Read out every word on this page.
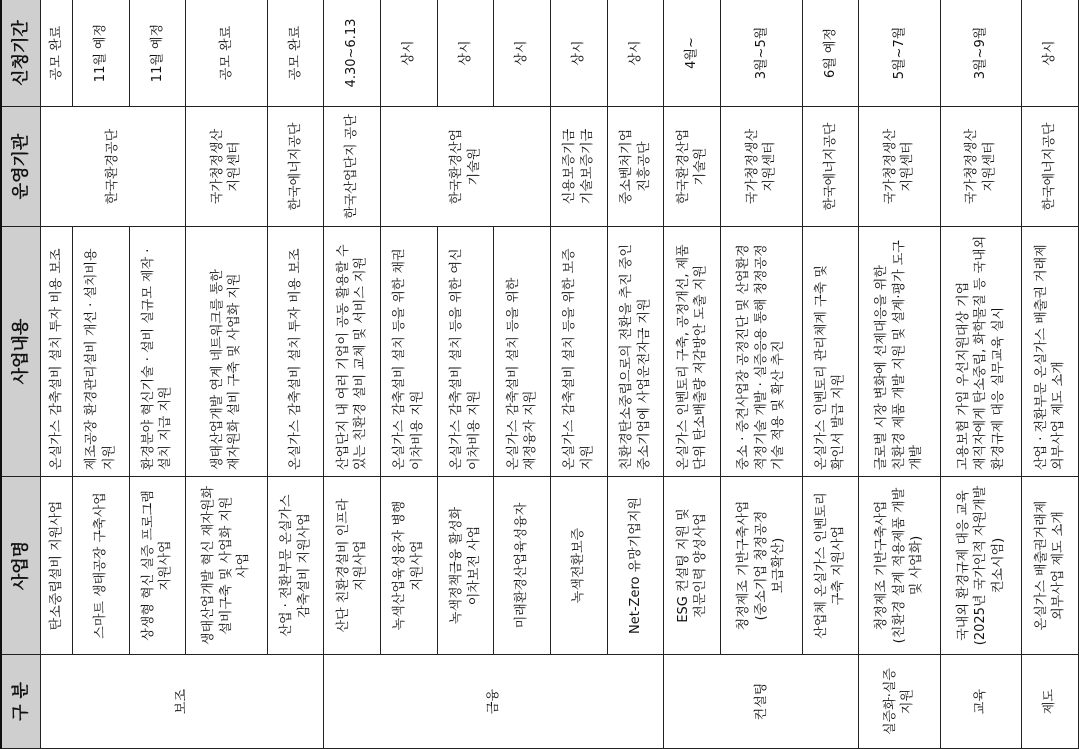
구 분	사업명	사업내용	운영기관	신청기간
보조	탄소중립설비 지원사업	온실가스 감축설비 설치 투자 비용 보조	한국환경공단	공모 완료
	스마트 생태공장 구축사업	제조공장 환경관리설비 개선 · 설치비용 지원		11월 예정
	상생형 혁신 실증 프로그램 지원사업	환경분야 혁신기술 · 설비 실규모 제작 · 설치 지급 지원		11월 예정
	생태산업개발 혁신 재자원화 설비구축 및 사업화 지원 사업	생태산업개발 연계 네트워크를 통한 재자원화 설비 구축 및 사업화 지원	국가청정생산 지원센터	공모 완료
	산업 · 전환부문 온실가스 감축설비 지원사업	온실가스 감축설비 설치 투자 비용 보조	한국에너지공단	공모 완료
금융	산단 친환경설비 인프라 지원사업	산업단지 내 여러 기업이 공동 활용할 수 있는 친환경 설비 교체 및 서비스 지원	한국산업단지 공단	4.30~6.13
	녹색산업육성융자 병행 지원사업	온실가스 감축설비 설치 등을 위한 채권 이차비용 지원	한국환경산업 기술원	상시
	녹색정책금융 활성화 이차보전 사업	온실가스 감축설비 설치 등을 위한 여신 이차비용 지원		상시
	미래환경산업육성융자	온실가스 감축설비 설치 등을 위한 재정융자 지원		상시
	녹색전환보증	온실가스 감축설비 설치 등을 위한 보증 지원	신용보증기금 기술보증기금	상시
	Net-Zero 유망기업지원	친환경탄소중립으로의 전환을 추진 중인 중소기업에 사업운전자금 지원	중소벤처기업 진흥공단	상시
컨설팅	ESG 컨설팅 지원 및 전문인력 양성사업	온실가스 인벤토리 구축, 공정개선, 제품 단위 탄소배출량 저감방안 도출 지원	한국환경산업 기술원	4월~
	청정제조 기반구축사업 (중소기업 청정공정 보급확산)	중소 · 중견사업장 공정진단 및 산업환경 적정기술 개발 · 실증응용 통해 청정공정 기술 적용 및 확산 추진	국가청정생산 지원센터	3월~5월
	산업체 온실가스 인벤토리 구축 지원사업	온실가스 인벤토리 관리체계 구축 및 확인서 발급 지원	한국에너지공단	6월 예정
실증화·실증 지원	청정제조 기반구축사업 (친환경 설계 적용제품 개발 및 사업화)	글로벌 시장 변화에 선제대응을 위한 친환경 제품 개발 지원 및 설계·평가 도구 개발	국가청정생산 지원센터	5월~7월
교육	국내외 환경규제 대응 교육 (2025년 국가인적 자원개발 컨소시엄)	고용보험 가입 우선지원대상 기업 재직자에게 탄소중립, 화학물질 등 국내외 환경규제 대응 실무교육 실시	국가청정생산 지원센터	3월~9월
제도	온실가스 배출권거래제 외부사업 제도 소개	산업 · 전환부문 온실가스 배출권 거래제 외부사업 제도 소개	한국에너지공단	상시
